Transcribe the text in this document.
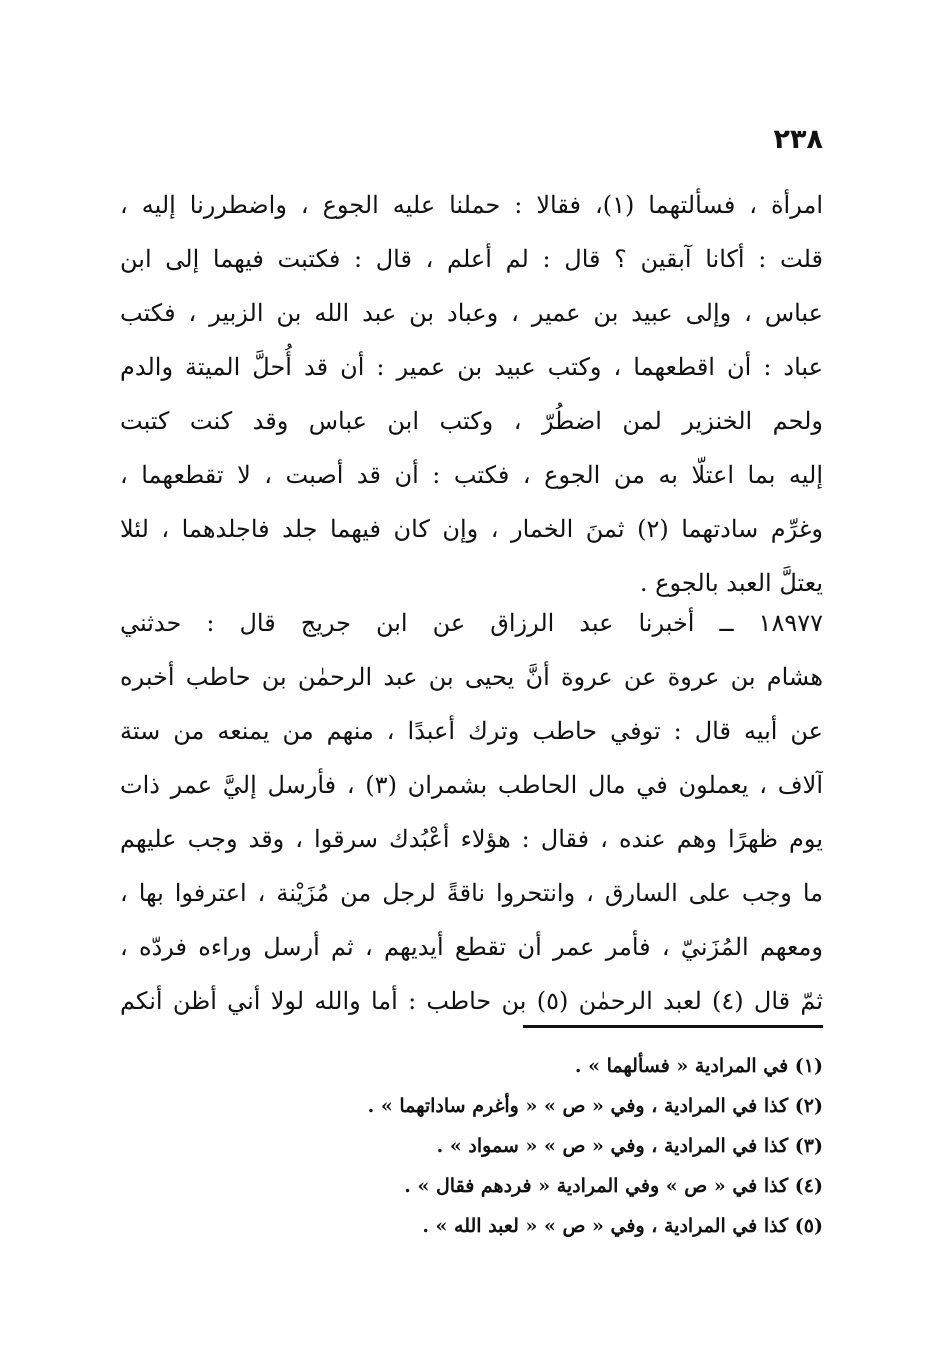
٢٣٨
امرأة ، فسألتهما (١)، فقالا : حملنا عليه الجوع ، واضطررنا إليه ،
قلت : أكانا آبقين ؟ قال : لم أعلم ، قال : فكتبت فيهما إلى ابن
عباس ، وإلى عبيد بن عمير ، وعباد بن عبد الله بن الزبير ، فكتب
عباد : أن اقطعهما ، وكتب عبيد بن عمير : أن قد أُحلَّ الميتة والدم
ولحم الخنزير لمن اضطُرّ ، وكتب ابن عباس وقد كنت كتبت
إليه بما اعتلّا به من الجوع ، فكتب : أن قد أصبت ، لا تقطعهما ،
وغرِّم سادتهما (٢) ثمنَ الخمار ، وإن كان فيهما جلد فاجلدهما ، لئلا
يعتلَّ العبد بالجوع .
١٨٩٧٧ ــ أخبرنا عبد الرزاق عن ابن جريج قال : حدثني
هشام بن عروة عن عروة أنَّ يحيى بن عبد الرحمٰن بن حاطب أخبره
عن أبيه قال : توفي حاطب وترك أعبدًا ، منهم من يمنعه من ستة
آلاف ، يعملون في مال الحاطب بشمران (٣) ، فأرسل إليَّ عمر ذات
يوم ظهرًا وهم عنده ، فقال : هؤلاء أعْبُدك سرقوا ، وقد وجب عليهم
ما وجب على السارق ، وانتحروا ناقةً لرجل من مُزَيْنة ، اعترفوا بها ،
ومعهم المُزَنيّ ، فأمر عمر أن تقطع أيديهم ، ثم أرسل وراءه فردّه ،
ثمّ قال (٤) لعبد الرحمٰن (٥) بن حاطب : أما والله لولا أني أظن أنكم
(١) في المرادية « فسألهما » .
(٢) كذا في المرادية ، وفي « ص » « وأغرم ساداتهما » .
(٣) كذا في المرادية ، وفي « ص » « سمواد » .
(٤) كذا في « ص » وفي المرادية « فردهم فقال » .
(٥) كذا في المرادية ، وفي « ص » « لعبد الله » .
